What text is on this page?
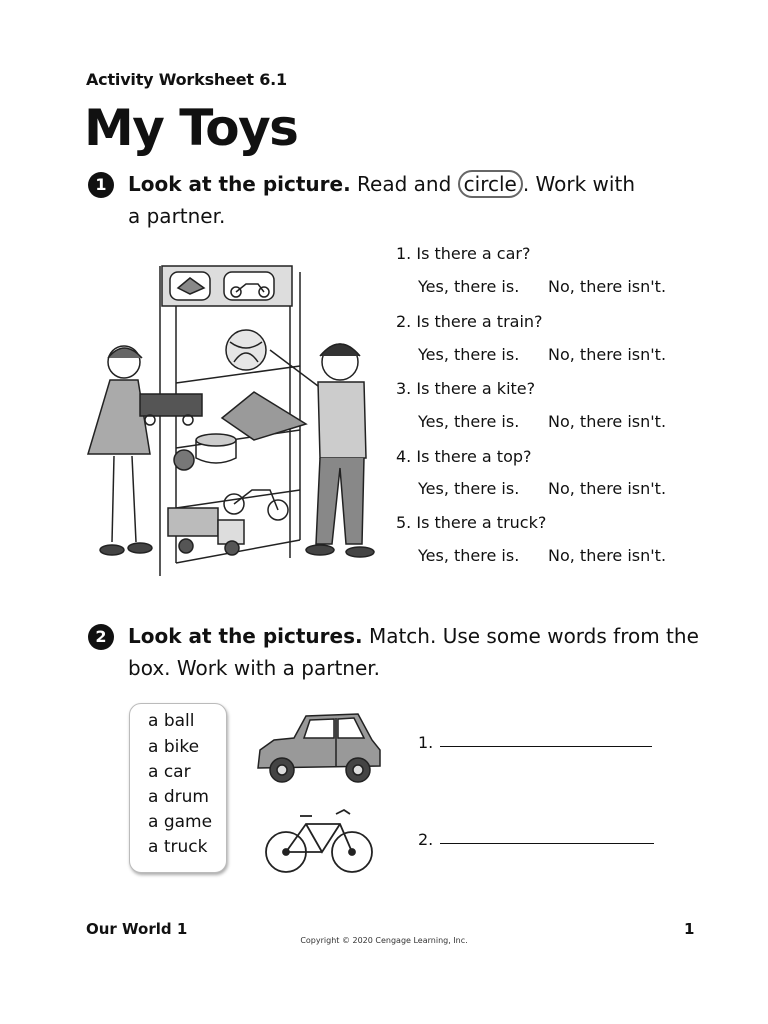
Activity Worksheet 6.1
My Toys
1	Look at the picture. Read and circle . Work with
a partner.
1. Is there a car?
Yes, there is. No, there isn't.
2. Is there a train?
Yes, there is. No, there isn't.
3. Is there a kite?
Yes, there is. No, there isn't.
4. Is there a top?
Yes, there is. No, there isn't.
5. Is there a truck?
Yes, there is. No, there isn't.
2	Look at the pictures. Match. Use some words from the
box. Work with a partner.
a ball
a bike
a car
a drum
a game
a truck
1.
2.
Our World 1	1
Copyright © 2020 Cengage Learning, Inc.
